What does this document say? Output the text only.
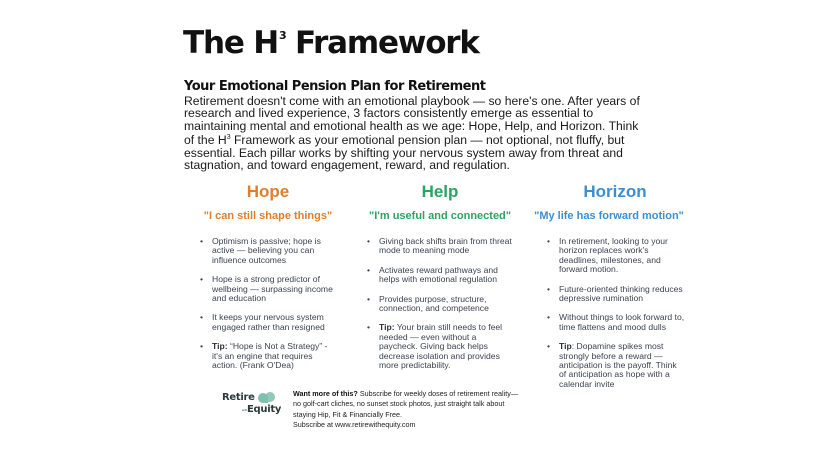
The $H^3$ Framework
Your Emotional Pension Plan for Retirement

Retirement doesn't come with an emotional playbook — so here's one. After years of research and lived experience, 3 factors consistently emerge as essential to maintaining mental and emotional health as we age: Hope, Help, and Horizon. Think of the $H^3$ Framework as your emotional pension plan — not optional, not fluffy, but essential. Each pillar works by shifting your nervous system away from threat and stagnation, and toward engagement, reward, and regulation.

Hope

"I can still shape things"

• Optimism is passive; hope is active — believing you can influence outcomes
• Hope is a strong predictor of wellbeing — surpassing income and education
• It keeps your nervous system engaged rather than resigned
• Tip: “Hope is Not a Strategy” - it's an engine that requires action. (Frank O'Dea)
Help

"I'm useful and connected"

• Giving back shifts brain from threat mode to meaning mode
• Activates reward pathways and helps with emotional regulation
• Provides purpose, structure, connection, and competence
• Tip: Your brain still needs to feel needed — even without a paycheck. Giving back helps decrease isolation and provides more predictability.
Horizon

"My life has forward motion"

• In retirement, looking to your horizon replaces work's deadlines, milestones, and forward motion.
• Future-oriented thinking reduces depressive rumination
• Without things to look forward to, time flattens and mood dulls
• Tip: Dopamine spikes most strongly before a reward — anticipation is the payoff. Think of anticipation as hope with a calendar invite
Retire
with Equity
Want more of this? Subscribe for weekly doses of retirement reality—no golf-cart cliches, no sunset stock photos, just straight talk about staying Hip, Fit & Financially Free.
Subscribe at www.retirewithequity.com
